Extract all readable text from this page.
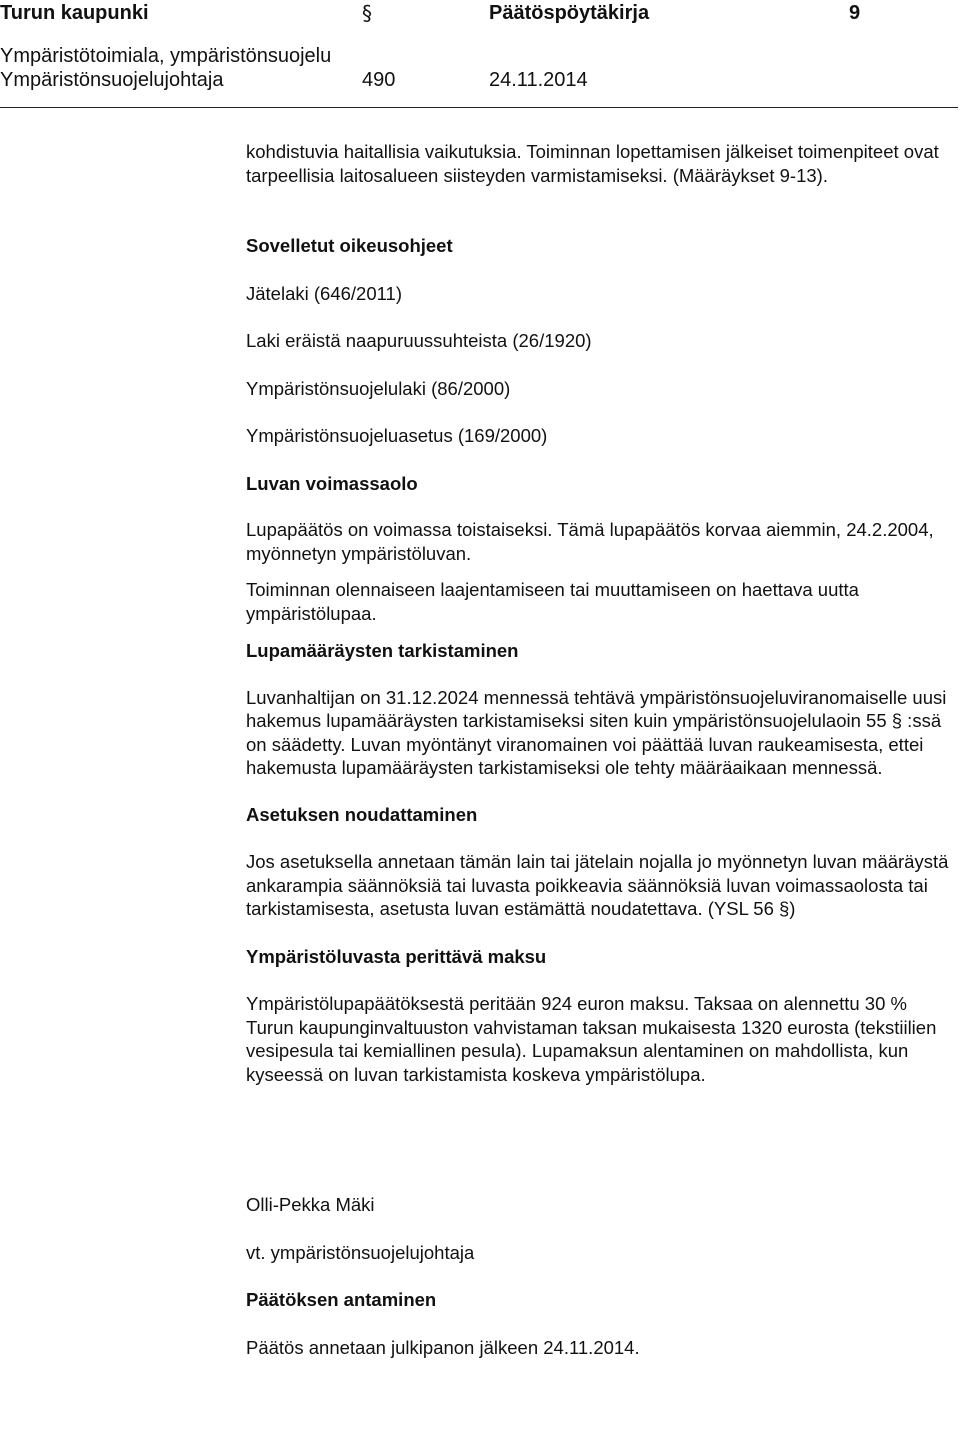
Turun kaupunki	§	Päätöspöytäkirja	9
Ympäristötoimiala, ympäristönsuojelu
Ympäristönsuojelujohtaja	490	24.11.2014

kohdistuvia haitallisia vaikutuksia. Toiminnan lopettamisen jälkeiset toimenpiteet ovat tarpeellisia laitosalueen siisteyden varmistamiseksi. (Määräykset 9-13).

Sovelletut oikeusohjeet

Jätelaki (646/2011)

Laki eräistä naapuruussuhteista (26/1920)

Ympäristönsuojelulaki (86/2000)

Ympäristönsuojeluasetus (169/2000)

Luvan voimassaolo

Lupapäätös on voimassa toistaiseksi. Tämä lupapäätös korvaa aiemmin, 24.2.2004, myönnetyn ympäristöluvan.

Toiminnan olennaiseen laajentamiseen tai muuttamiseen on haettava uutta ympäristölupaa.

Lupamääräysten tarkistaminen

Luvanhaltijan on 31.12.2024 mennessä tehtävä ympäristönsuojeluviranomaiselle uusi hakemus lupamääräysten tarkistamiseksi siten kuin ympäristönsuojelulaoin 55 § :ssä on säädetty. Luvan myöntänyt viranomainen voi päättää luvan raukeamisesta, ettei hakemusta lupamääräysten tarkistamiseksi ole tehty määräaikaan mennessä.

Asetuksen noudattaminen

Jos asetuksella annetaan tämän lain tai jätelain nojalla jo myönnetyn luvan määräystä ankarampia säännöksiä tai luvasta poikkeavia säännöksiä luvan voimassaolosta tai tarkistamisesta, asetusta luvan estämättä noudatettava. (YSL 56 §)

Ympäristöluvasta perittävä maksu

Ympäristölupapäätöksestä peritään 924 euron maksu. Taksaa on alennettu 30 % Turun kaupunginvaltuuston vahvistaman taksan mukaisesta 1320 eurosta (tekstiilien vesipesula tai kemiallinen pesula). Lupamaksun alentaminen on mahdollista, kun kyseessä on luvan tarkistamista koskeva ympäristölupa.

Olli-Pekka Mäki

vt. ympäristönsuojelujohtaja

Päätöksen antaminen

Päätös annetaan julkipanon jälkeen 24.11.2014.
